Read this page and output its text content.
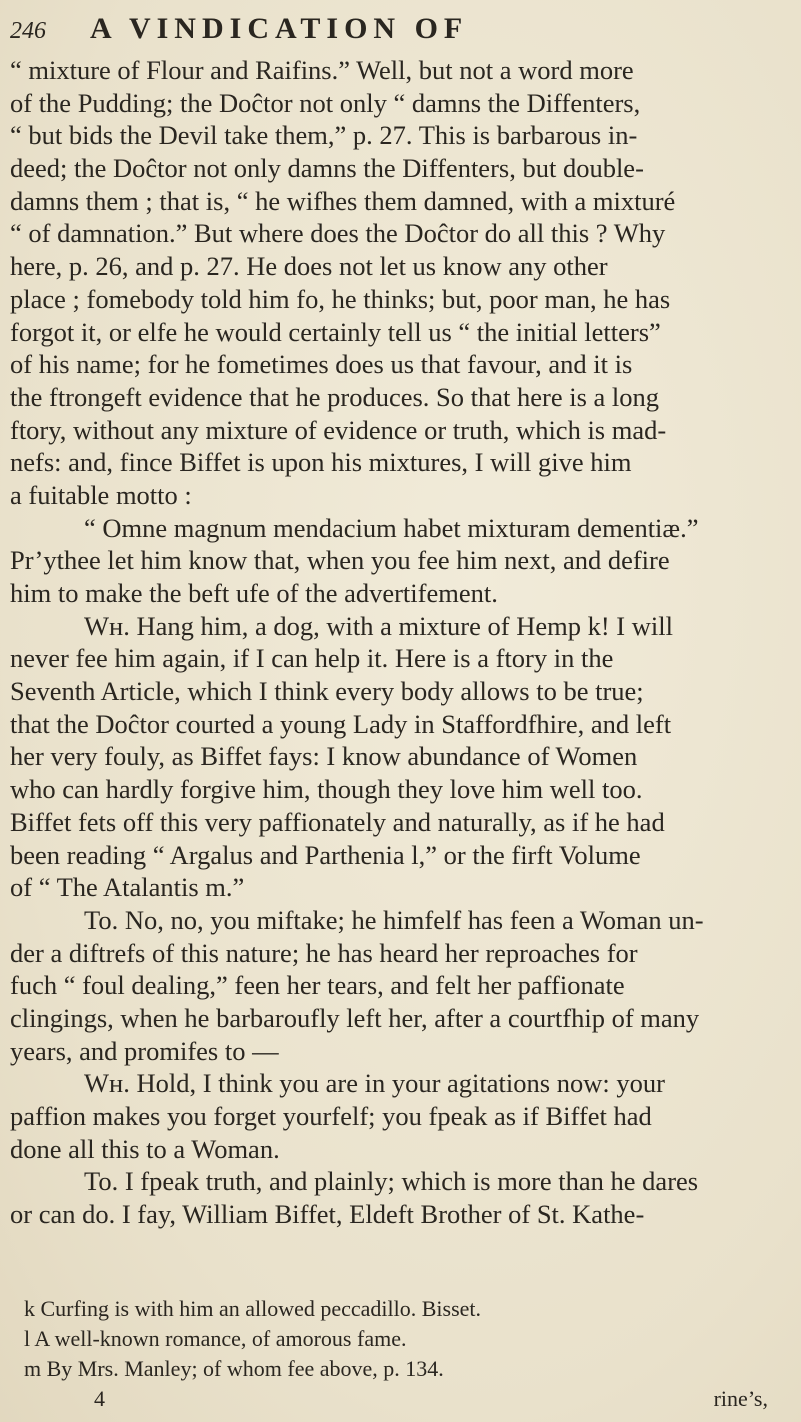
246	A VINDICATION OF
“ mixture of Flour and Raifins.” Well, but not a word more
of the Pudding; the Doĉtor not only “ damns the Diffenters,
“ but bids the Devil take them,” p. 27. This is barbarous in-
deed; the Doĉtor not only damns the Diffenters, but double-
damns them ; that is, “ he wifhes them damned, with a mixturé
“ of damnation.” But where does the Doĉtor do all this ? Why
here, p. 26, and p. 27. He does not let us know any other
place ; fomebody told him fo, he thinks; but, poor man, he has
forgot it, or elfe he would certainly tell us “ the initial letters”
of his name; for he fometimes does us that favour, and it is
the ftrongeft evidence that he produces. So that here is a long
ftory, without any mixture of evidence or truth, which is mad-
nefs: and, fince Biffet is upon his mixtures, I will give him
a fuitable motto :
“ Omne magnum mendacium habet mixturam dementiæ.”
Pr’ythee let him know that, when you fee him next, and defire
him to make the beft ufe of the advertifement.
Wн. Hang him, a dog, with a mixture of Hemp k! I will
never fee him again, if I can help it. Here is a ftory in the
Seventh Article, which I think every body allows to be true;
that the Doĉtor courted a young Lady in Staffordfhire, and left
her very fouly, as Biffet fays: I know abundance of Women
who can hardly forgive him, though they love him well too.
Biffet fets off this very paffionately and naturally, as if he had
been reading “ Argalus and Parthenia l,” or the firft Volume
of “ The Atalantis m.”
To. No, no, you miftake; he himfelf has feen a Woman un-
der a diftrefs of this nature; he has heard her reproaches for
fuch “ foul dealing,” feen her tears, and felt her paffionate
clingings, when he barbaroufly left her, after a courtfhip of many
years, and promifes to —
Wн. Hold, I think you are in your agitations now: your
paffion makes you forget yourfelf; you fpeak as if Biffet had
done all this to a Woman.
To. I fpeak truth, and plainly; which is more than he dares
or can do. I fay, William Biffet, Eldeft Brother of St. Kathe-
k Curfing is with him an allowed peccadillo. Bisset.
l A well-known romance, of amorous fame.
m By Mrs. Manley; of whom fee above, p. 134.
4	rine’s,
